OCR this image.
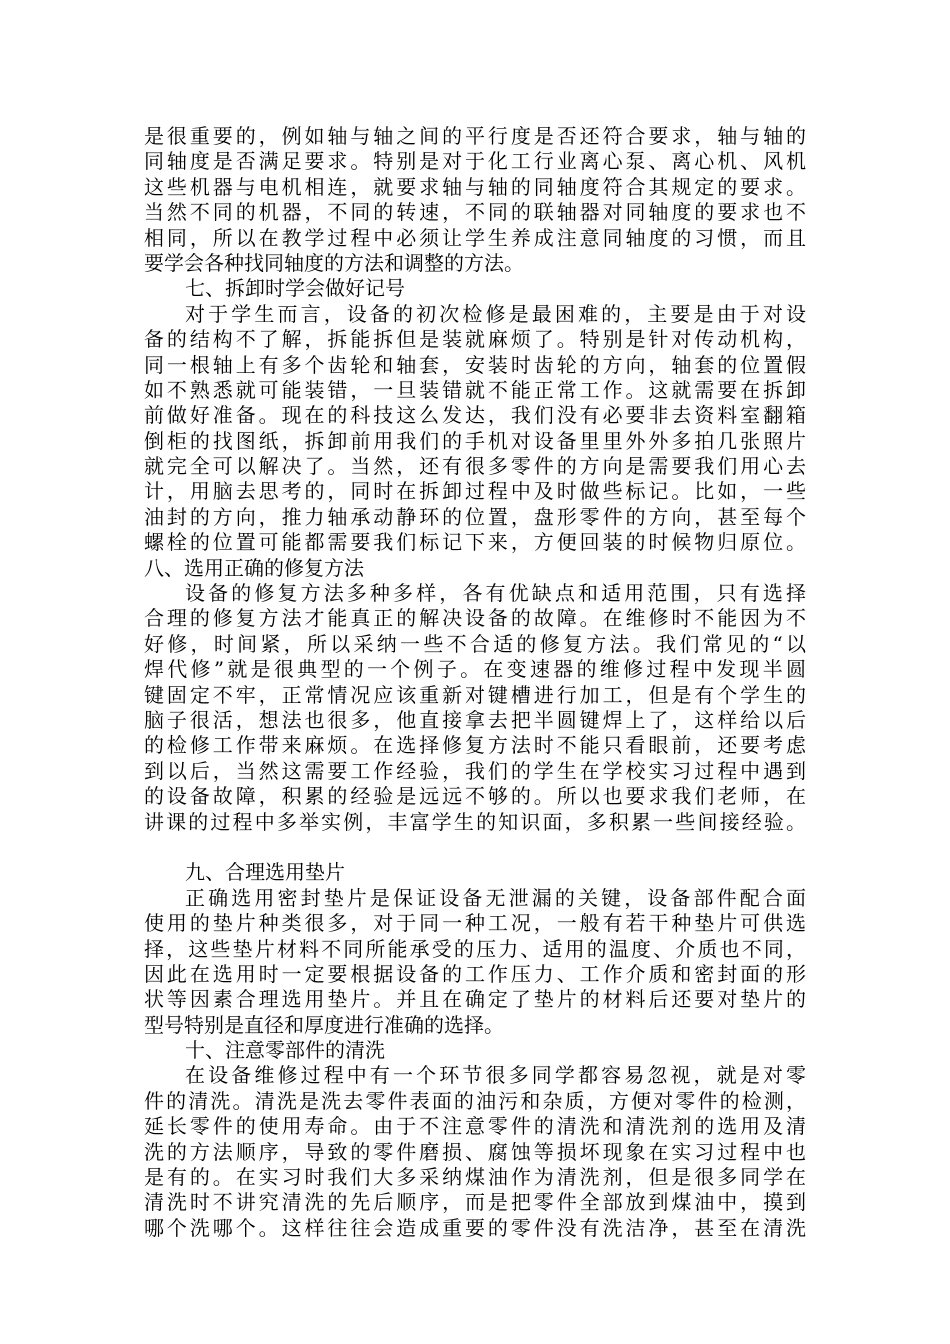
是很重要的，例如轴与轴之间的平行度是否还符合要求，轴与轴的
同轴度是否满足要求。特别是对于化工行业离心泵、离心机、风机
这些机器与电机相连，就要求轴与轴的同轴度符合其规定的要求。
当然不同的机器，不同的转速，不同的联轴器对同轴度的要求也不
相同，所以在教学过程中必须让学生养成注意同轴度的习惯，而且
要学会各种找同轴度的方法和调整的方法。
七、拆卸时学会做好记号
对于学生而言，设备的初次检修是最困难的，主要是由于对设
备的结构不了解，拆能拆但是装就麻烦了。特别是针对传动机构，
同一根轴上有多个齿轮和轴套，安装时齿轮的方向，轴套的位置假
如不熟悉就可能装错，一旦装错就不能正常工作。这就需要在拆卸
前做好准备。现在的科技这么发达，我们没有必要非去资料室翻箱
倒柜的找图纸，拆卸前用我们的手机对设备里里外外多拍几张照片
就完全可以解决了。当然，还有很多零件的方向是需要我们用心去
计，用脑去思考的，同时在拆卸过程中及时做些标记。比如，一些
油封的方向，推力轴承动静环的位置，盘形零件的方向，甚至每个
螺栓的位置可能都需要我们标记下来，方便回装的时候物归原位。
八、选用正确的修复方法
设备的修复方法多种多样，各有优缺点和适用范围，只有选择
合理的修复方法才能真正的解决设备的故障。在维修时不能因为不
好修，时间紧，所以采纳一些不合适的修复方法。我们常见的“以
焊代修”就是很典型的一个例子。在变速器的维修过程中发现半圆
键固定不牢，正常情况应该重新对键槽进行加工，但是有个学生的
脑子很活，想法也很多，他直接拿去把半圆键焊上了，这样给以后
的检修工作带来麻烦。在选择修复方法时不能只看眼前，还要考虑
到以后，当然这需要工作经验，我们的学生在学校实习过程中遇到
的设备故障，积累的经验是远远不够的。所以也要求我们老师，在
讲课的过程中多举实例，丰富学生的知识面，多积累一些间接经验。
九、合理选用垫片
正确选用密封垫片是保证设备无泄漏的关键，设备部件配合面
使用的垫片种类很多，对于同一种工况，一般有若干种垫片可供选
择，这些垫片材料不同所能承受的压力、适用的温度、介质也不同，
因此在选用时一定要根据设备的工作压力、工作介质和密封面的形
状等因素合理选用垫片。并且在确定了垫片的材料后还要对垫片的
型号特别是直径和厚度进行准确的选择。
十、注意零部件的清洗
在设备维修过程中有一个环节很多同学都容易忽视，就是对零
件的清洗。清洗是洗去零件表面的油污和杂质，方便对零件的检测，
延长零件的使用寿命。由于不注意零件的清洗和清洗剂的选用及清
洗的方法顺序，导致的零件磨损、腐蚀等损坏现象在实习过程中也
是有的。在实习时我们大多采纳煤油作为清洗剂，但是很多同学在
清洗时不讲究清洗的先后顺序，而是把零件全部放到煤油中，摸到
哪个洗哪个。这样往往会造成重要的零件没有洗洁净，甚至在清洗
